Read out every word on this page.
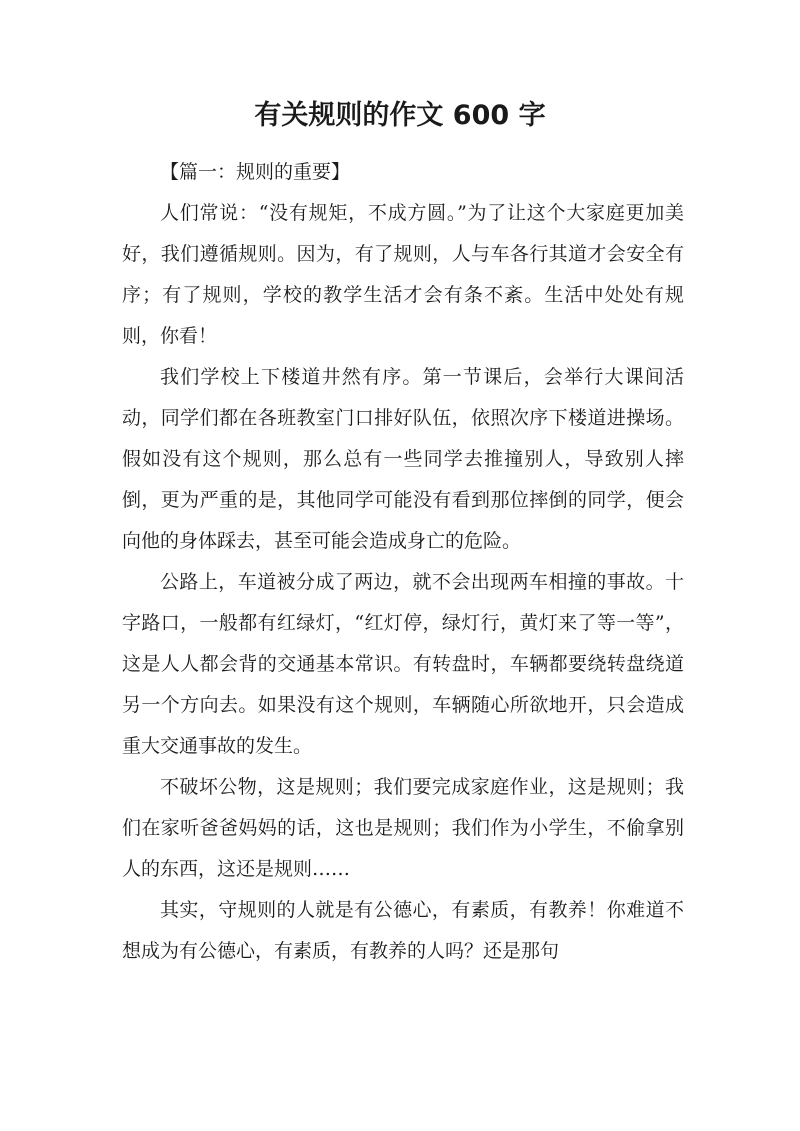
有关规则的作文 600 字

【篇一：规则的重要】

人们常说：“没有规矩，不成方圆。”为了让这个大家庭更加美好，我们遵循规则。因为，有了规则，人与车各行其道才会安全有序；有了规则，学校的教学生活才会有条不紊。生活中处处有规则，你看！

我们学校上下楼道井然有序。第一节课后，会举行大课间活动，同学们都在各班教室门口排好队伍，依照次序下楼道进操场。假如没有这个规则，那么总有一些同学去推撞别人，导致别人摔倒，更为严重的是，其他同学可能没有看到那位摔倒的同学，便会向他的身体踩去，甚至可能会造成身亡的危险。

公路上，车道被分成了两边，就不会出现两车相撞的事故。十字路口，一般都有红绿灯，“红灯停，绿灯行，黄灯来了等一等”，这是人人都会背的交通基本常识。有转盘时，车辆都要绕转盘绕道另一个方向去。如果没有这个规则，车辆随心所欲地开，只会造成重大交通事故的发生。

不破坏公物，这是规则；我们要完成家庭作业，这是规则；我们在家听爸爸妈妈的话，这也是规则；我们作为小学生，不偷拿别人的东西，这还是规则……

其实，守规则的人就是有公德心，有素质，有教养！你难道不想成为有公德心，有素质，有教养的人吗？还是那句
